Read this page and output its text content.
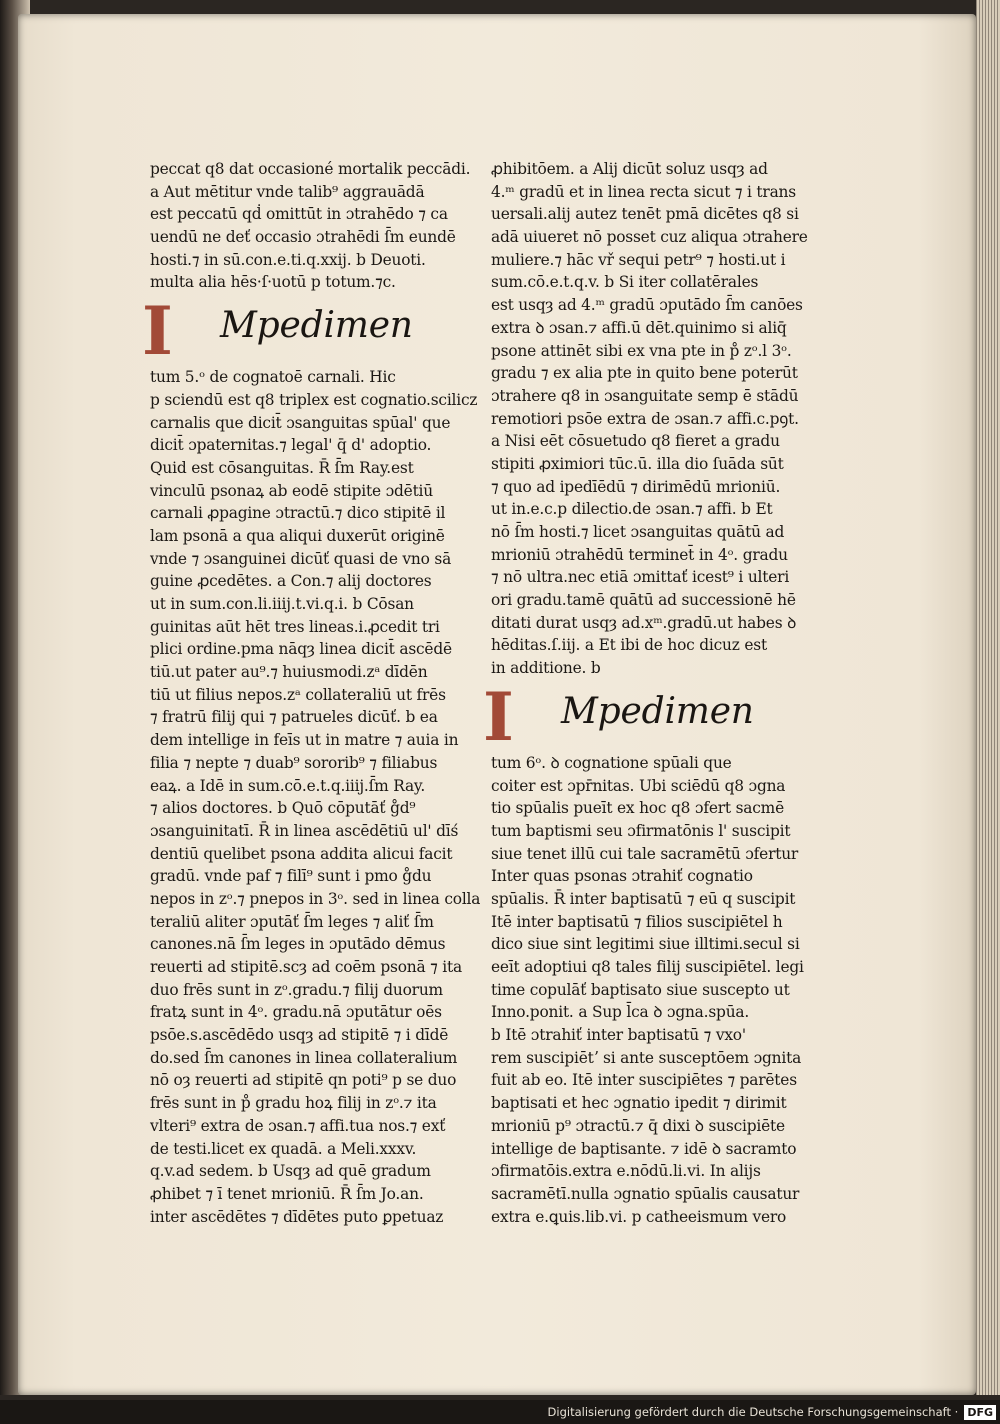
peccat q8 dat occasioné mortalik peccādi.
a Aut mētitur vnde talib⁹ aggrauādā
est peccatū qḋ omittūt in ɔtrahēdo ⁊ ca
uendū ne deť occasio ɔtrahēdi ſ̄m eundē
hosti.⁊ in sū.con.e.ti.q.xxij. b Deuoti.
multa alia hēs·ſ·uotū p totum.⁊c.
I Mpedimen
tum 5.ᵒ de cognatoē carnali. Hic
p sciendū est q8 triplex est cognatio.scilicz
carnalis que dicit̄ ɔsanguitas spūal' que
dicit̄ ɔpaternitas.⁊ legal' q̄ d' adoptio.
Quid est cōsanguitas. R̄ ſ̄m Ray.est
vinculū psonaꝝ ab eodē stipite ɔdētiū
carnali ꝓpagine ɔtractū.⁊ dico stipitē il
lam psonā a qua aliqui duxerūt originē
vnde ⁊ ɔsanguinei dicūť quasi de vno sā
guine ꝓcedētes. a Con.⁊ alij doctores
ut in sum.con.li.iiij.t.vi.q.i. b Cōsan
guinitas aūt hēt tres lineas.i.ꝓcedit tri
plici ordine.pma nāqȝ linea dicit̄ ascēdē
tiū.ut pater au⁹.⁊ huiusmodi.zᵃ dīdēn
tiū ut filius nepos.zᵃ collateraliū ut frēs
⁊ fratrū filij qui ⁊ patrueles dicūť. b ea
dem intellige in feīs ut in matre ⁊ auia in
filia ⁊ nepte ⁊ duab⁹ sororib⁹ ⁊ filiabus
eaꝝ. a Idē in sum.cō.e.t.q.iiij.ſ̄m Ray.
⁊ alios doctores. b Quō cōputāť g̊d⁹
ɔsanguinitatī. R̄ in linea ascēdētiū ul' dīś
dentiū quelibet psona addita alicui facit
gradū. vnde paf ⁊ filī⁹ sunt i pmo g̊du
nepos in zᵒ.⁊ pnepos in 3ᵒ. sed in linea colla
teraliū aliter ɔputāť ſ̄m leges ⁊ aliť ſ̄m
canones.nā ſ̄m leges in ɔputādo dēmus
reuerti ad stipitē.scȝ ad coēm psonā ⁊ ita
duo frēs sunt in zᵒ.gradu.⁊ filij duorum
fratꝝ sunt in 4ᵒ. gradu.nā ɔputātur oēs
psōe.s.ascēdēdo usqȝ ad stipitē ⁊ i dīdē
do.sed ſ̄m canones in linea collateralium
nō oȝ reuerti ad stipitē qn poti⁹ p se duo
frēs sunt in p̊ gradu hoꝝ filij in zᵒ.⁊ ita
vlteri⁹ extra de ɔsan.⁊ affi.tua nos.⁊ exť
de testi.licet ex quadā. a Meli.xxxv.
q.v.ad sedem. b Usqȝ ad quē gradum
ꝓhibet ⁊ ī tenet mrioniū. R̄ ſ̄m Jo.an.
inter ascēdētes ⁊ dīdētes puto ꝑpetuaz
ꝓhibitōem. a Alij dicūt soluz usqȝ ad
4.ᵐ gradū et in linea recta sicut ⁊ i trans
uersali.alij autez tenēt pmā dicētes q8 si
adā uiueret nō posset cuz aliqua ɔtrahere
muliere.⁊ hāc vř sequi petr⁹ ⁊ hosti.ut i
sum.cō.e.t.q.v. b Si iter collatērales
est usqȝ ad 4.ᵐ gradū ɔputādo ſ̄m canōes
extra ꝺ ɔsan.⁊ affi.ū dēt.quinimo si aliq̄
psone attinēt sibi ex vna pte in p̊ zᵒ.l 3ᵒ.
gradu ⁊ ex alia pte in quito bene poterūt
ɔtrahere q8 in ɔsanguitate semp ē stādū
remotiori psōe extra de ɔsan.⁊ affi.c.pꝯt.
a Nisi eēt cōsuetudo q8 fieret a gradu
stipiti ꝓximiori tūc.ū. illa dio ſuāda sūt
⁊ quo ad ipedīēdū ⁊ dirimēdū mrioniū.
ut in.e.c.p dilectio.de ɔsan.⁊ affi. b Et
nō ſ̄m hosti.⁊ licet ɔsanguitas quātū ad
mrioniū ɔtrahēdū terminet̄ in 4ᵒ. gradu
⁊ nō ultra.nec etiā ɔmittať icest⁹ i ulteri
ori gradu.tamē quātū ad successionē hē
ditati durat usqȝ ad.xᵐ.gradū.ut habes ꝺ
hēditas.ſ.iij. a Et ibi de hoc dicuz est
in additione. b
I Mpedimen
tum 6ᵒ. ꝺ cognatione spūali que
coiter est ɔpr̄nitas. Ubi sciēdū q8 ɔgna
tio spūalis pueīt ex hoc q8 ɔfert sacmē
tum baptismi seu ɔfirmatōnis l' suscipit
siue tenet illū cui tale sacramētū ɔfertur
Inter quas psonas ɔtrahiť cognatio
spūalis. R̄ inter baptisatū ⁊ eū q suscipit
Itē inter baptisatū ⁊ filios suscipiētel h
dico siue sint legitimi siue illtimi.secul si
eeīt adoptiui q8 tales filij suscipiētel. legi
time copulāť baptisato siue suscepto ut
Inno.ponit. a Sup l̄ca ꝺ ɔgna.spūa.
b Itē ɔtrahiť inter baptisatū ⁊ vxo'
rem suscipiētʼ si ante susceptōem ɔgnita
fuit ab eo. Itē inter suscipiētes ⁊ parētes
baptisati et hec ɔgnatio ipedit ⁊ dirimit
mrioniū p⁹ ɔtractū.⁊ q̄ dixi ꝺ suscipiēte
intellige de baptisante. ⁊ idē ꝺ sacramto
ɔfirmatōis.extra e.nōdū.li.vi. In alijs
sacramētī.nulla ɔgnatio spūalis causatur
extra e.ꝗuis.lib.vi. p catheeismum vero
Digitalisierung gefördert durch die Deutsche Forschungsgemeinschaft · DFG
